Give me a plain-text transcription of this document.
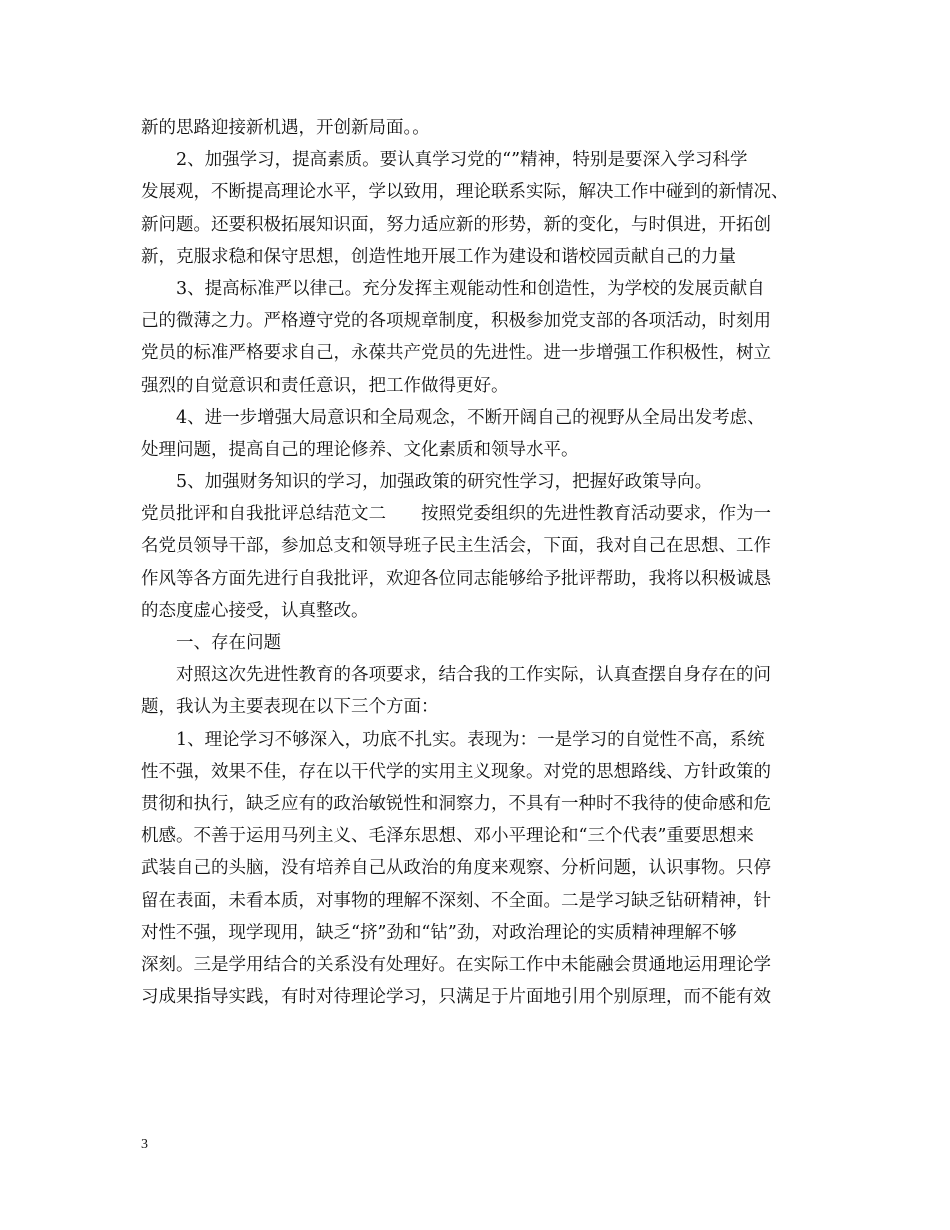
新的思路迎接新机遇，开创新局面。。
2、加强学习，提高素质。要认真学习党的“”精神，特别是要深入学习科学
发展观，不断提高理论水平，学以致用，理论联系实际，解决工作中碰到的新情况、
新问题。还要积极拓展知识面，努力适应新的形势，新的变化，与时俱进，开拓创
新，克服求稳和保守思想，创造性地开展工作为建设和谐校园贡献自己的力量
3、提高标准严以律己。充分发挥主观能动性和创造性，为学校的发展贡献自
己的微薄之力。严格遵守党的各项规章制度，积极参加党支部的各项活动，时刻用
党员的标准严格要求自己，永葆共产党员的先进性。进一步增强工作积极性，树立
强烈的自觉意识和责任意识，把工作做得更好。
4、进一步增强大局意识和全局观念，不断开阔自己的视野从全局出发考虑、
处理问题，提高自己的理论修养、文化素质和领导水平。
5、加强财务知识的学习，加强政策的研究性学习，把握好政策导向。
党员批评和自我批评总结范文二　　按照党委组织的先进性教育活动要求，作为一
名党员领导干部，参加总支和领导班子民主生活会，下面，我对自己在思想、工作
作风等各方面先进行自我批评，欢迎各位同志能够给予批评帮助，我将以积极诚恳
的态度虚心接受，认真整改。
一、存在问题
对照这次先进性教育的各项要求，结合我的工作实际，认真查摆自身存在的问
题，我认为主要表现在以下三个方面：
1、理论学习不够深入，功底不扎实。表现为：一是学习的自觉性不高，系统
性不强，效果不佳，存在以干代学的实用主义现象。对党的思想路线、方针政策的
贯彻和执行，缺乏应有的政治敏锐性和洞察力，不具有一种时不我待的使命感和危
机感。不善于运用马列主义、毛泽东思想、邓小平理论和“三个代表”重要思想来
武装自己的头脑，没有培养自己从政治的角度来观察、分析问题，认识事物。只停
留在表面，未看本质，对事物的理解不深刻、不全面。二是学习缺乏钻研精神，针
对性不强，现学现用，缺乏“挤”劲和“钻”劲，对政治理论的实质精神理解不够
深刻。三是学用结合的关系没有处理好。在实际工作中未能融会贯通地运用理论学
习成果指导实践，有时对待理论学习，只满足于片面地引用个别原理，而不能有效
3
